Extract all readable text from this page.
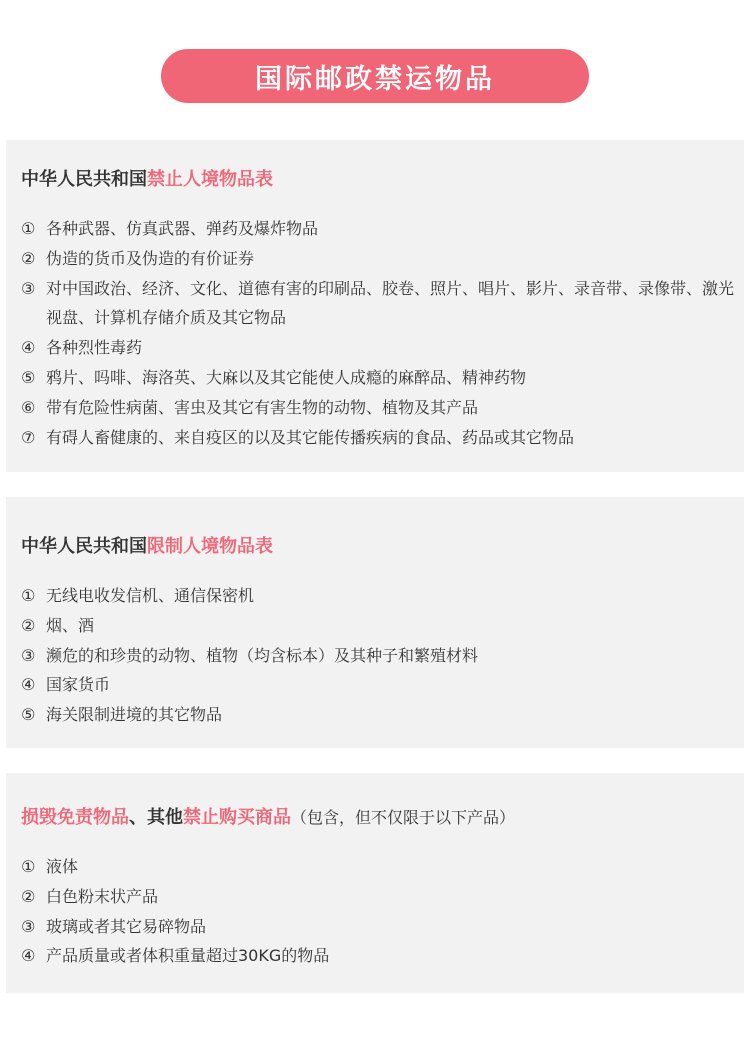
国际邮政禁运物品
中华人民共和国禁止人境物品表
① 各种武器、仿真武器、弹药及爆炸物品
② 伪造的货币及伪造的有价证券
③ 对中国政治、经济、文化、道德有害的印刷品、胶卷、照片、唱片、影片、录音带、录像带、激光视盘、计算机存储介质及其它物品
④ 各种烈性毒药
⑤ 鸦片、吗啡、海洛英、大麻以及其它能使人成瘾的麻醉品、精神药物
⑥ 带有危险性病菌、害虫及其它有害生物的动物、植物及其产品
⑦ 有碍人畜健康的、来自疫区的以及其它能传播疾病的食品、药品或其它物品
中华人民共和国限制人境物品表
① 无线电收发信机、通信保密机
② 烟、酒
③ 濒危的和珍贵的动物、植物（均含标本）及其种子和繁殖材料
④ 国家货币
⑤ 海关限制进境的其它物品
损毁免责物品、其他禁止购买商品（包含，但不仅限于以下产品）
① 液体
② 白色粉末状产品
③ 玻璃或者其它易碎物品
④ 产品质量或者体积重量超过30KG的物品
